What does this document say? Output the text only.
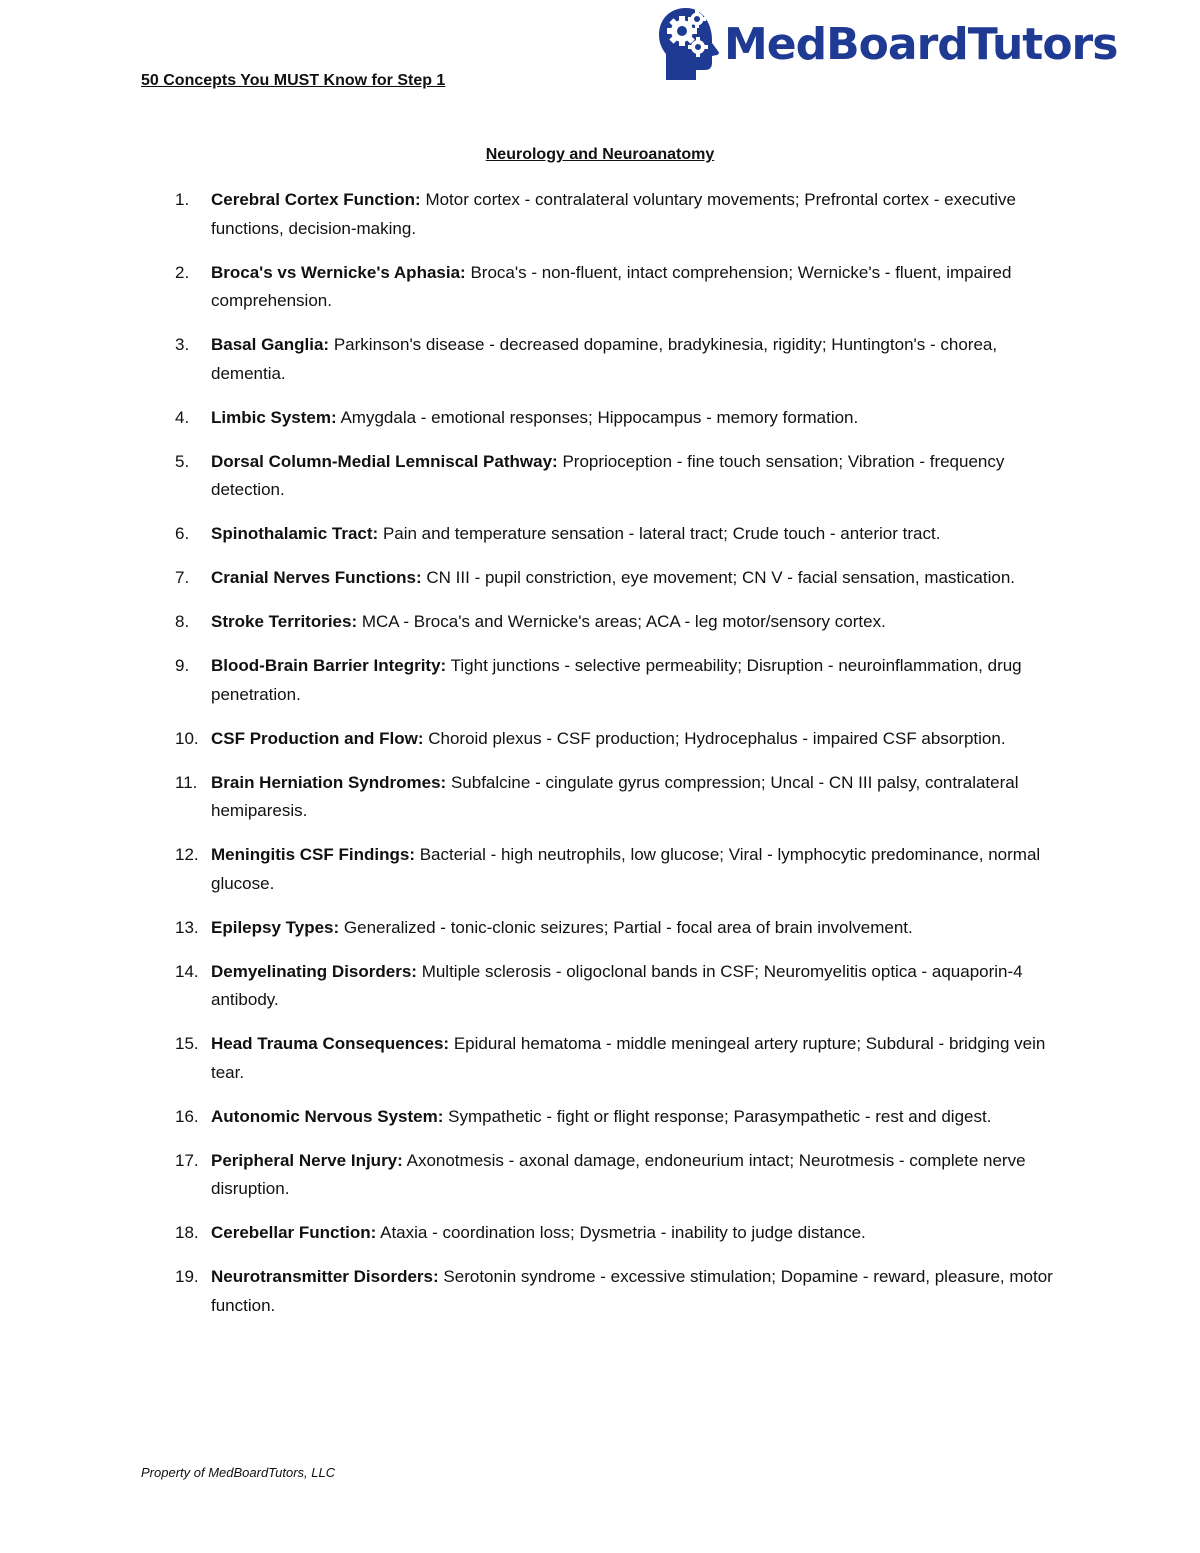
MedBoardTutors
50 Concepts You MUST Know for Step 1
Neurology and Neuroanatomy
1.	Cerebral Cortex Function: Motor cortex - contralateral voluntary movements; Prefrontal cortex - executive functions, decision-making.
2.	Broca's vs Wernicke's Aphasia: Broca's - non-fluent, intact comprehension; Wernicke's - fluent, impaired comprehension.
3.	Basal Ganglia: Parkinson's disease - decreased dopamine, bradykinesia, rigidity; Huntington's - chorea, dementia.
4.	Limbic System: Amygdala - emotional responses; Hippocampus - memory formation.
5.	Dorsal Column-Medial Lemniscal Pathway: Proprioception - fine touch sensation; Vibration - frequency detection.
6.	Spinothalamic Tract: Pain and temperature sensation - lateral tract; Crude touch - anterior tract.
7.	Cranial Nerves Functions: CN III - pupil constriction, eye movement; CN V - facial sensation, mastication.
8.	Stroke Territories: MCA - Broca's and Wernicke's areas; ACA - leg motor/sensory cortex.
9.	Blood-Brain Barrier Integrity: Tight junctions - selective permeability; Disruption - neuroinflammation, drug penetration.
10. CSF Production and Flow: Choroid plexus - CSF production; Hydrocephalus - impaired CSF absorption.
11. Brain Herniation Syndromes: Subfalcine - cingulate gyrus compression; Uncal - CN III palsy, contralateral hemiparesis.
12. Meningitis CSF Findings: Bacterial - high neutrophils, low glucose; Viral - lymphocytic predominance, normal glucose.
13. Epilepsy Types: Generalized - tonic-clonic seizures; Partial - focal area of brain involvement.
14. Demyelinating Disorders: Multiple sclerosis - oligoclonal bands in CSF; Neuromyelitis optica - aquaporin-4 antibody.
15. Head Trauma Consequences: Epidural hematoma - middle meningeal artery rupture; Subdural - bridging vein tear.
16. Autonomic Nervous System: Sympathetic - fight or flight response; Parasympathetic - rest and digest.
17. Peripheral Nerve Injury: Axonotmesis - axonal damage, endoneurium intact; Neurotmesis - complete nerve disruption.
18. Cerebellar Function: Ataxia - coordination loss; Dysmetria - inability to judge distance.
19. Neurotransmitter Disorders: Serotonin syndrome - excessive stimulation; Dopamine - reward, pleasure, motor function.
Property of MedBoardTutors, LLC
